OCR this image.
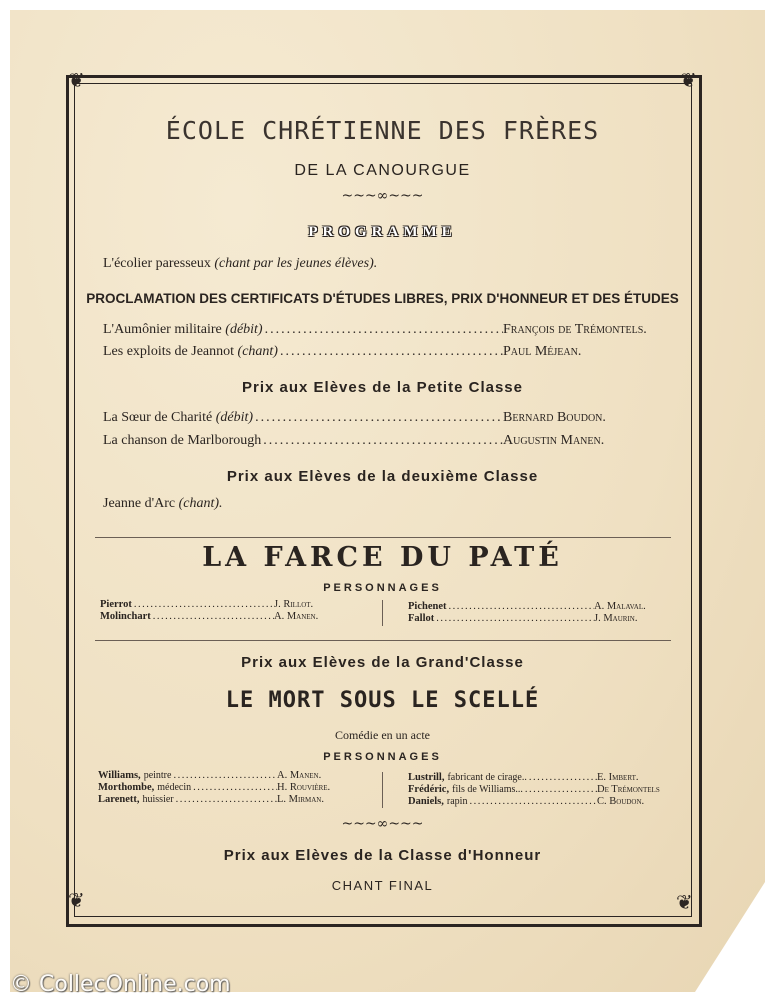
❦	❦
❦	❦
ÉCOLE CHRÉTIENNE DES FRÈRES
DE LA CANOURGUE
~~~∞~~~
PROGRAMME
L'écolier paresseux (chant par les jeunes élèves).
PROCLAMATION DES CERTIFICATS D'ÉTUDES LIBRES, PRIX D'HONNEUR ET DES ÉTUDES
L'Aumônier militaire (débit) .....	François de Trémontels.
Les exploits de Jeannot (chant) .....	Paul Méjean.
Prix aux Elèves de la Petite Classe
La Sœur de Charité (débit) .....	Bernard Boudon.
La chanson de Marlborough .....	Augustin Manen.
Prix aux Elèves de la deuxième Classe
Jeanne d'Arc (chant).
LA FARCE DU PATÉ
PERSONNAGES
Pierrot .....	J. Rillot.
Molinchart .....	A. Manen.
Pichenet .....	A. Malaval.
Fallot .....	J. Maurin.
Prix aux Elèves de la Grand'Classe
LE MORT SOUS LE SCELLÉ
Comédie en un acte
PERSONNAGES
Williams, peintre .....	A. Manen.
Morthombe, médecin .....	H. Rouvière.
Larenett, huissier .....	L. Mirman.
Lustrill, fabricant de cirage.. .....	E. Imbert.
Frédéric, fils de Williams... .....	De Trémontels
Daniels, rapin .....	C. Boudon.
~~~∞~~~
Prix aux Elèves de la Classe d'Honneur
CHANT FINAL
© CollecOnline.com
